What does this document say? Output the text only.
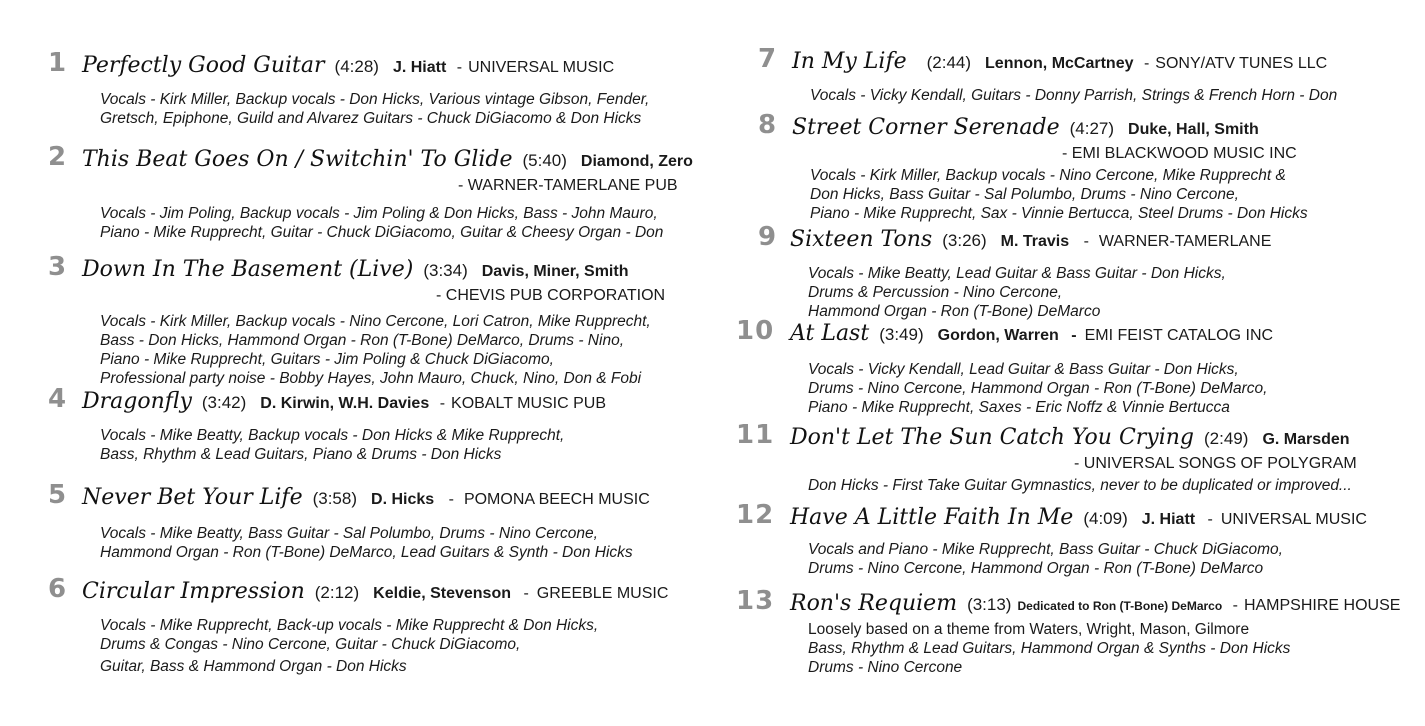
1 Perfectly Good Guitar (4:28) J. Hiatt - UNIVERSAL MUSIC
Vocals - Kirk Miller, Backup vocals - Don Hicks, Various vintage Gibson, Fender,
Gretsch, Epiphone, Guild and Alvarez Guitars - Chuck DiGiacomo & Don Hicks
2 This Beat Goes On / Switchin' To Glide (5:40) Diamond, Zero
- WARNER-TAMERLANE PUB
Vocals - Jim Poling, Backup vocals - Jim Poling & Don Hicks, Bass - John Mauro,
Piano - Mike Rupprecht, Guitar - Chuck DiGiacomo, Guitar & Cheesy Organ - Don
3 Down In The Basement (Live) (3:34) Davis, Miner, Smith
- CHEVIS PUB CORPORATION
Vocals - Kirk Miller, Backup vocals - Nino Cercone, Lori Catron, Mike Rupprecht,
Bass - Don Hicks, Hammond Organ - Ron (T-Bone) DeMarco, Drums - Nino,
Piano - Mike Rupprecht, Guitars - Jim Poling & Chuck DiGiacomo,
Professional party noise - Bobby Hayes, John Mauro, Chuck, Nino, Don & Fobi
4 Dragonfly (3:42) D. Kirwin, W.H. Davies - KOBALT MUSIC PUB
Vocals - Mike Beatty, Backup vocals - Don Hicks & Mike Rupprecht,
Bass, Rhythm & Lead Guitars, Piano & Drums - Don Hicks
5 Never Bet Your Life (3:58) D. Hicks - POMONA BEECH MUSIC
Vocals - Mike Beatty, Bass Guitar - Sal Polumbo, Drums - Nino Cercone,
Hammond Organ - Ron (T-Bone) DeMarco, Lead Guitars & Synth - Don Hicks
6 Circular Impression (2:12) Keldie, Stevenson - GREEBLE MUSIC
Vocals - Mike Rupprecht, Back-up vocals - Mike Rupprecht & Don Hicks,
Drums & Congas - Nino Cercone, Guitar - Chuck DiGiacomo,
Guitar, Bass & Hammond Organ - Don Hicks
7 In My Life (2:44) Lennon, McCartney - SONY/ATV TUNES LLC
Vocals - Vicky Kendall, Guitars - Donny Parrish, Strings & French Horn - Don
8 Street Corner Serenade (4:27) Duke, Hall, Smith
- EMI BLACKWOOD MUSIC INC
Vocals - Kirk Miller, Backup vocals - Nino Cercone, Mike Rupprecht &
Don Hicks, Bass Guitar - Sal Polumbo, Drums - Nino Cercone,
Piano - Mike Rupprecht, Sax - Vinnie Bertucca, Steel Drums - Don Hicks
9 Sixteen Tons (3:26) M. Travis - WARNER-TAMERLANE
Vocals - Mike Beatty, Lead Guitar & Bass Guitar - Don Hicks,
Drums & Percussion - Nino Cercone,
Hammond Organ - Ron (T-Bone) DeMarco
10 At Last (3:49) Gordon, Warren - EMI FEIST CATALOG INC
Vocals - Vicky Kendall, Lead Guitar & Bass Guitar - Don Hicks,
Drums - Nino Cercone, Hammond Organ - Ron (T-Bone) DeMarco,
Piano - Mike Rupprecht, Saxes - Eric Noffz & Vinnie Bertucca
11 Don't Let The Sun Catch You Crying (2:49) G. Marsden
- UNIVERSAL SONGS OF POLYGRAM
Don Hicks - First Take Guitar Gymnastics, never to be duplicated or improved...
12 Have A Little Faith In Me (4:09) J. Hiatt - UNIVERSAL MUSIC
Vocals and Piano - Mike Rupprecht, Bass Guitar - Chuck DiGiacomo,
Drums - Nino Cercone, Hammond Organ - Ron (T-Bone) DeMarco
13 Ron's Requiem (3:13) Dedicated to Ron (T-Bone) DeMarco - HAMPSHIRE HOUSE
Loosely based on a theme from Waters, Wright, Mason, Gilmore
Bass, Rhythm & Lead Guitars, Hammond Organ & Synths - Don Hicks
Drums - Nino Cercone
